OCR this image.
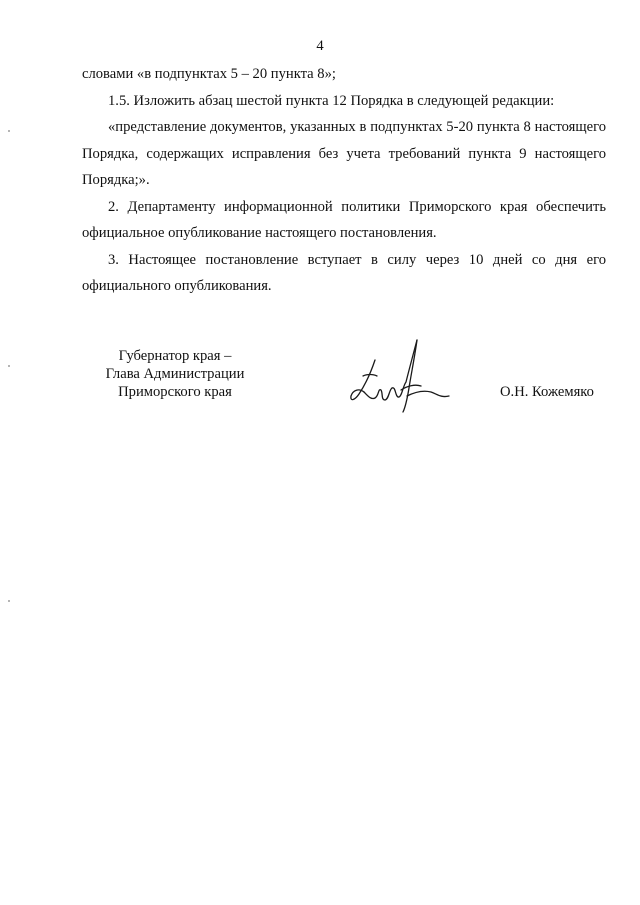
4

словами «в подпунктах 5 – 20 пункта 8»;

1.5. Изложить абзац шестой пункта 12 Порядка в следующей редакции:

«представление документов, указанных в подпунктах 5-20 пункта 8 настоящего Порядка, содержащих исправления без учета требований пункта 9 настоящего Порядка;».

2. Департаменту информационной политики Приморского края обеспечить официальное опубликование настоящего постановления.

3. Настоящее постановление вступает в силу через 10 дней со дня его официального опубликования.

Губернатор края –
Глава Администрации
Приморского края	О.Н. Кожемяко
